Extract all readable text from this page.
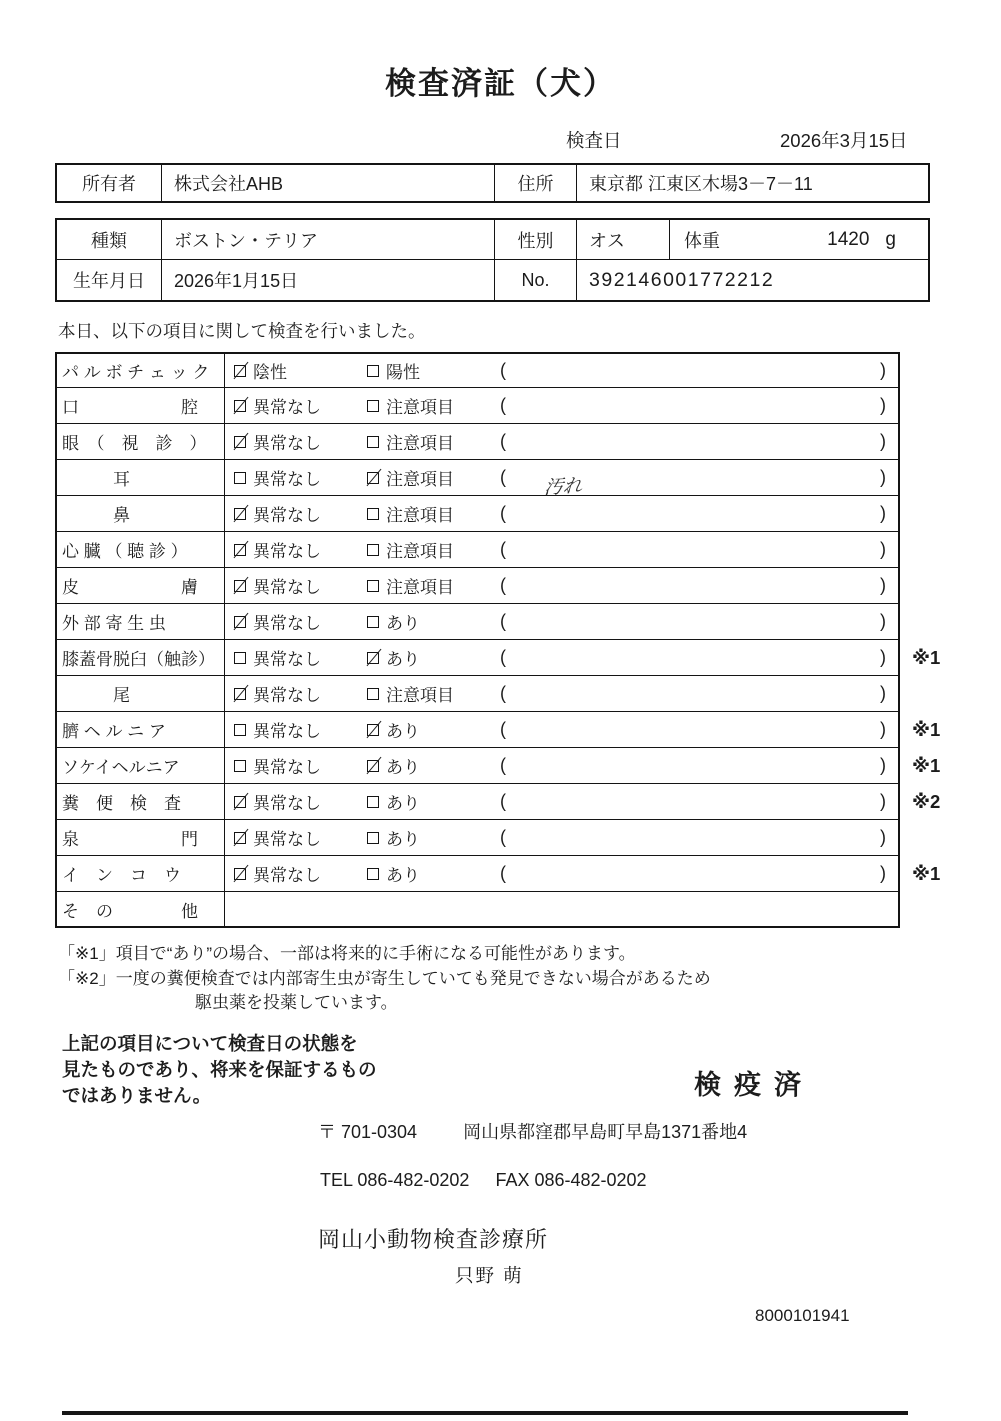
検査済証（犬）
検査日	2026年3月15日
所有者	株式会社AHB	住所	東京都 江東区木場3－7－11
種類	ボストン・テリア	性別	オス	体重	1420 g
生年月日	2026年1月15日	No.	392146001772212
本日、以下の項目に関して検査を行いました。
パ ル ボ チ ェ ッ ク	陰性	陽性	(	)
口　　　　　　腔	異常なし	注意項目	(	)
眼　（　視　診　）	異常なし	注意項目	(	)
　　　耳	異常なし	注意項目	( 汚れ	)
　　　鼻	異常なし	注意項目	(	)
心 臓 （ 聴 診 ）	異常なし	注意項目	(	)
皮　　　　　　膚	異常なし	注意項目	(	)
外 部 寄 生 虫	異常なし	あり	(	)
膝蓋骨脱臼（触診）	異常なし	あり	(	)	※1
　　　尾	異常なし	注意項目	(	)
臍 ヘ ル ニ ア	異常なし	あり	(	)	※1
ソケイヘルニア	異常なし	あり	(	)	※1
糞　便　検　査	異常なし	あり	(	)	※2
泉　　　　　　門	異常なし	あり	(	)
イ　ン　コ　ウ	異常なし	あり	(	)	※1
そ　の　　　　他
「※1」項目で“あり”の場合、一部は将来的に手術になる可能性があります。
「※2」一度の糞便検査では内部寄生虫が寄生していても発見できない場合があるため
駆虫薬を投薬しています。
上記の項目について検査日の状態を
見たものであり、将来を保証するもの
ではありません。	検疫済
〒 701-0304	岡山県都窪郡早島町早島1371番地4
TEL 086-482-0202 FAX 086-482-0202
岡山小動物検査診療所
只野 萌
8000101941
